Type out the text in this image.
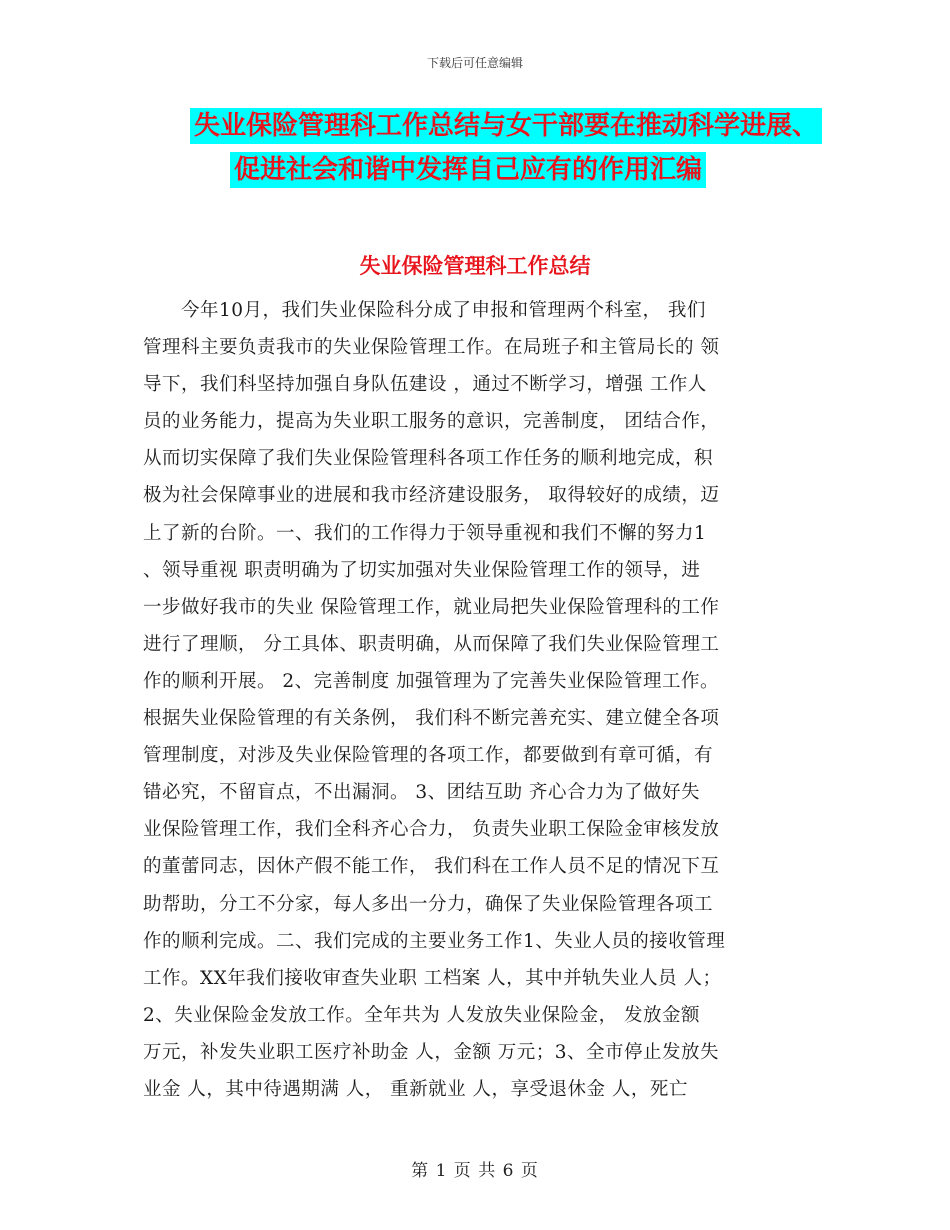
下载后可任意编辑
失业保险管理科工作总结与女干部要在推动科学进展、
促进社会和谐中发挥自己应有的作用汇编
失业保险管理科工作总结
今年10月，我们失业保险科分成了申报和管理两个科室， 我们
管理科主要负责我市的失业保险管理工作。在局班子和主管局长的 领
导下，我们科坚持加强自身队伍建设 ，通过不断学习，增强 工作人
员的业务能力，提高为失业职工服务的意识，完善制度， 团结合作，
从而切实保障了我们失业保险管理科各项工作任务的顺利地完成，积
极为社会保障事业的进展和我市经济建设服务， 取得较好的成绩，迈
上了新的台阶。一、我们的工作得力于领导重视和我们不懈的努力1
、领导重视 职责明确为了切实加强对失业保险管理工作的领导，进
一步做好我市的失业 保险管理工作，就业局把失业保险管理科的工作
进行了理顺， 分工具体、职责明确，从而保障了我们失业保险管理工
作的顺利开展。 2、完善制度 加强管理为了完善失业保险管理工作。
根据失业保险管理的有关条例， 我们科不断完善充实、建立健全各项
管理制度，对涉及失业保险管理的各项工作，都要做到有章可循，有
错必究，不留盲点，不出漏洞。 3、团结互助 齐心合力为了做好失
业保险管理工作，我们全科齐心合力， 负责失业职工保险金审核发放
的董蕾同志，因休产假不能工作， 我们科在工作人员不足的情况下互
助帮助，分工不分家，每人多出一分力，确保了失业保险管理各项工
作的顺利完成。二、我们完成的主要业务工作1、失业人员的接收管理
工作。XX年我们接收审查失业职 工档案 人，其中并轨失业人员 人；
2、失业保险金发放工作。全年共为 人发放失业保险金， 发放金额
万元，补发失业职工医疗补助金 人，金额 万元；3、全市停止发放失
业金 人，其中待遇期满 人， 重新就业 人，享受退休金 人，死亡
第 1 页 共 6 页
